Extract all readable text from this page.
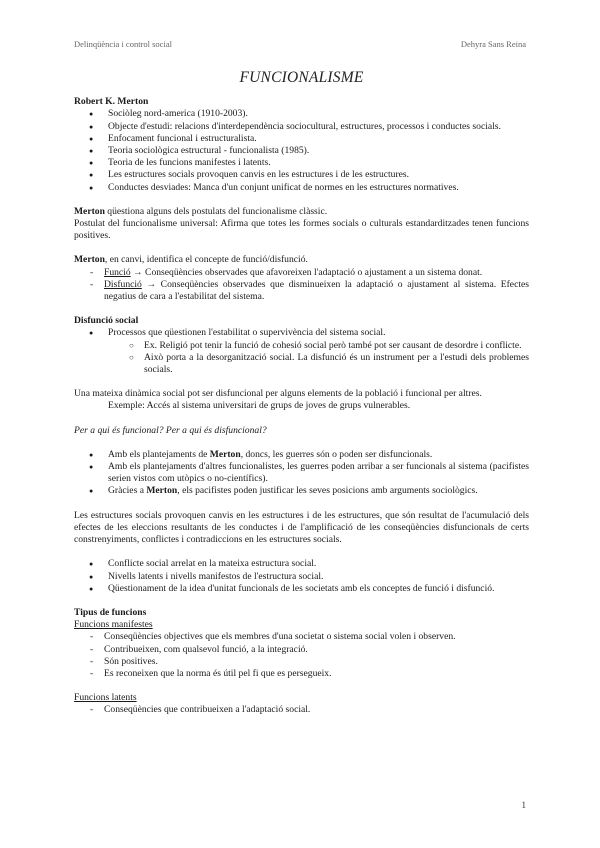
Delinqüència i control social	Dehyra Sans Reina
FUNCIONALISME

Robert K. Merton

● Sociòleg nord-america (1910-2003).
● Objecte d'estudi: relacions d'interdependència sociocultural, estructures, processos i conductes socials.
● Enfocament funcional i estructuralista.
● Teoria sociològica estructural - funcionalista (1985).
● Teoria de les funcions manifestes i latents.
● Les estructures socials provoquen canvis en les estructures i de les estructures.
● Conductes desviades: Manca d'un conjunt unificat de normes en les estructures normatives.

Merton qüestiona alguns dels postulats del funcionalisme clàssic.

Postulat del funcionalisme universal: Afirma que totes les formes socials o culturals estandarditzades tenen funcions positives.

Merton, en canvi, identifica el concepte de funció/disfunció.

- Funció → Conseqüències observades que afavoreixen l'adaptació o ajustament a un sistema donat.
- Disfunció → Conseqüències observades que disminueixen la adaptació o ajustament al sistema. Efectes negatius de cara a l'estabilitat del sistema.

Disfunció social

● Processos que qüestionen l'estabilitat o supervivència del sistema social.
○ Ex. Religió pot tenir la funció de cohesió social però també pot ser causant de desordre i conflicte.
○ Això porta a la desorganització social. La disfunció és un instrument per a l'estudi dels problemes socials.

Una mateixa dinàmica social pot ser disfuncional per alguns elements de la població i funcional per altres.

Exemple: Accés al sistema universitari de grups de joves de grups vulnerables.

Per a qui és funcional? Per a qui és disfuncional?

● Amb els plantejaments de Merton, doncs, les guerres són o poden ser disfuncionals.
● Amb els plantejaments d'altres funcionalistes, les guerres poden arribar a ser funcionals al sistema (pacifistes serien vistos com utòpics o no-científics).
● Gràcies a Merton, els pacifistes poden justificar les seves posicions amb arguments sociològics.

Les estructures socials provoquen canvis en les estructures i de les estructures, que són resultat de l'acumulació dels efectes de les eleccions resultants de les conductes i de l'amplificació de les conseqüències disfuncionals de certs constrenyiments, conflictes i contradiccions en les estructures socials.

● Conflicte social arrelat en la mateixa estructura social.
● Nivells latents i nivells manifestos de l'estructura social.
● Qüestionament de la idea d'unitat funcionals de les societats amb els conceptes de funció i disfunció.

Tipus de funcions

Funcions manifestes

- Conseqüències objectives que els membres d'una societat o sistema social volen i observen.
- Contribueixen, com qualsevol funció, a la integració.
- Són positives.
- Es reconeixen que la norma és útil pel fi que es persegueix.

Funcions latents

- Conseqüències que contribueixen a l'adaptació social.
1
